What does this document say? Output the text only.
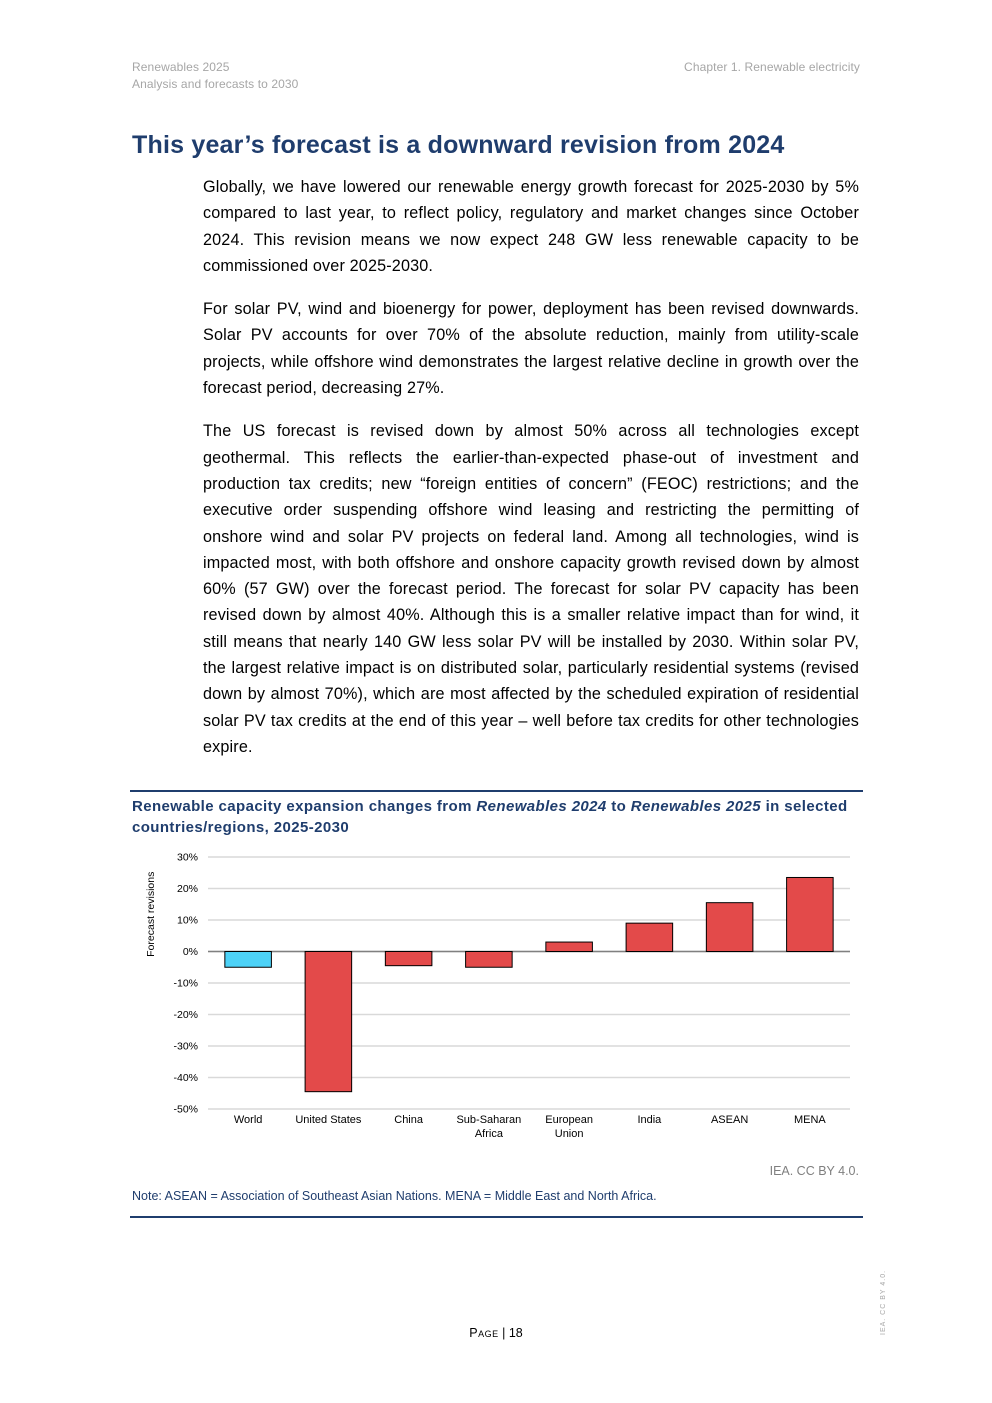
Renewables 2025
Analysis and forecasts to 2030
Chapter 1. Renewable electricity
This year’s forecast is a downward revision from 2024

Globally, we have lowered our renewable energy growth forecast for 2025-2030 by 5% compared to last year, to reflect policy, regulatory and market changes since October 2024. This revision means we now expect 248 GW less renewable capacity to be commissioned over 2025-2030.

For solar PV, wind and bioenergy for power, deployment has been revised downwards. Solar PV accounts for over 70% of the absolute reduction, mainly from utility-scale projects, while offshore wind demonstrates the largest relative decline in growth over the forecast period, decreasing 27%.

The US forecast is revised down by almost 50% across all technologies except geothermal. This reflects the earlier-than-expected phase-out of investment and production tax credits; new “foreign entities of concern” (FEOC) restrictions; and the executive order suspending offshore wind leasing and restricting the permitting of onshore wind and solar PV projects on federal land. Among all technologies, wind is impacted most, with both offshore and onshore capacity growth revised down by almost 60% (57 GW) over the forecast period. The forecast for solar PV capacity has been revised down by almost 40%. Although this is a smaller relative impact than for wind, it still means that nearly 140 GW less solar PV will be installed by 2030. Within solar PV, the largest relative impact is on distributed solar, particularly residential systems (revised down by almost 70%), which are most affected by the scheduled expiration of residential solar PV tax credits at the end of this year – well before tax credits for other technologies expire.

Renewable capacity expansion changes from Renewables 2024 to Renewables 2025 in selected countries/regions, 2025-2030
30%
20%
10%
0%
-10%
-20%
-30%
-40%
-50%
World	United States	China	Sub-Saharan
Africa
European
Union
India	ASEAN	MENA
Forecast revisions
IEA. CC BY 4.0.
Note: ASEAN = Association of Southeast Asian Nations. MENA = Middle East and North Africa.
Page | 18	IEA. CC BY 4.0.
